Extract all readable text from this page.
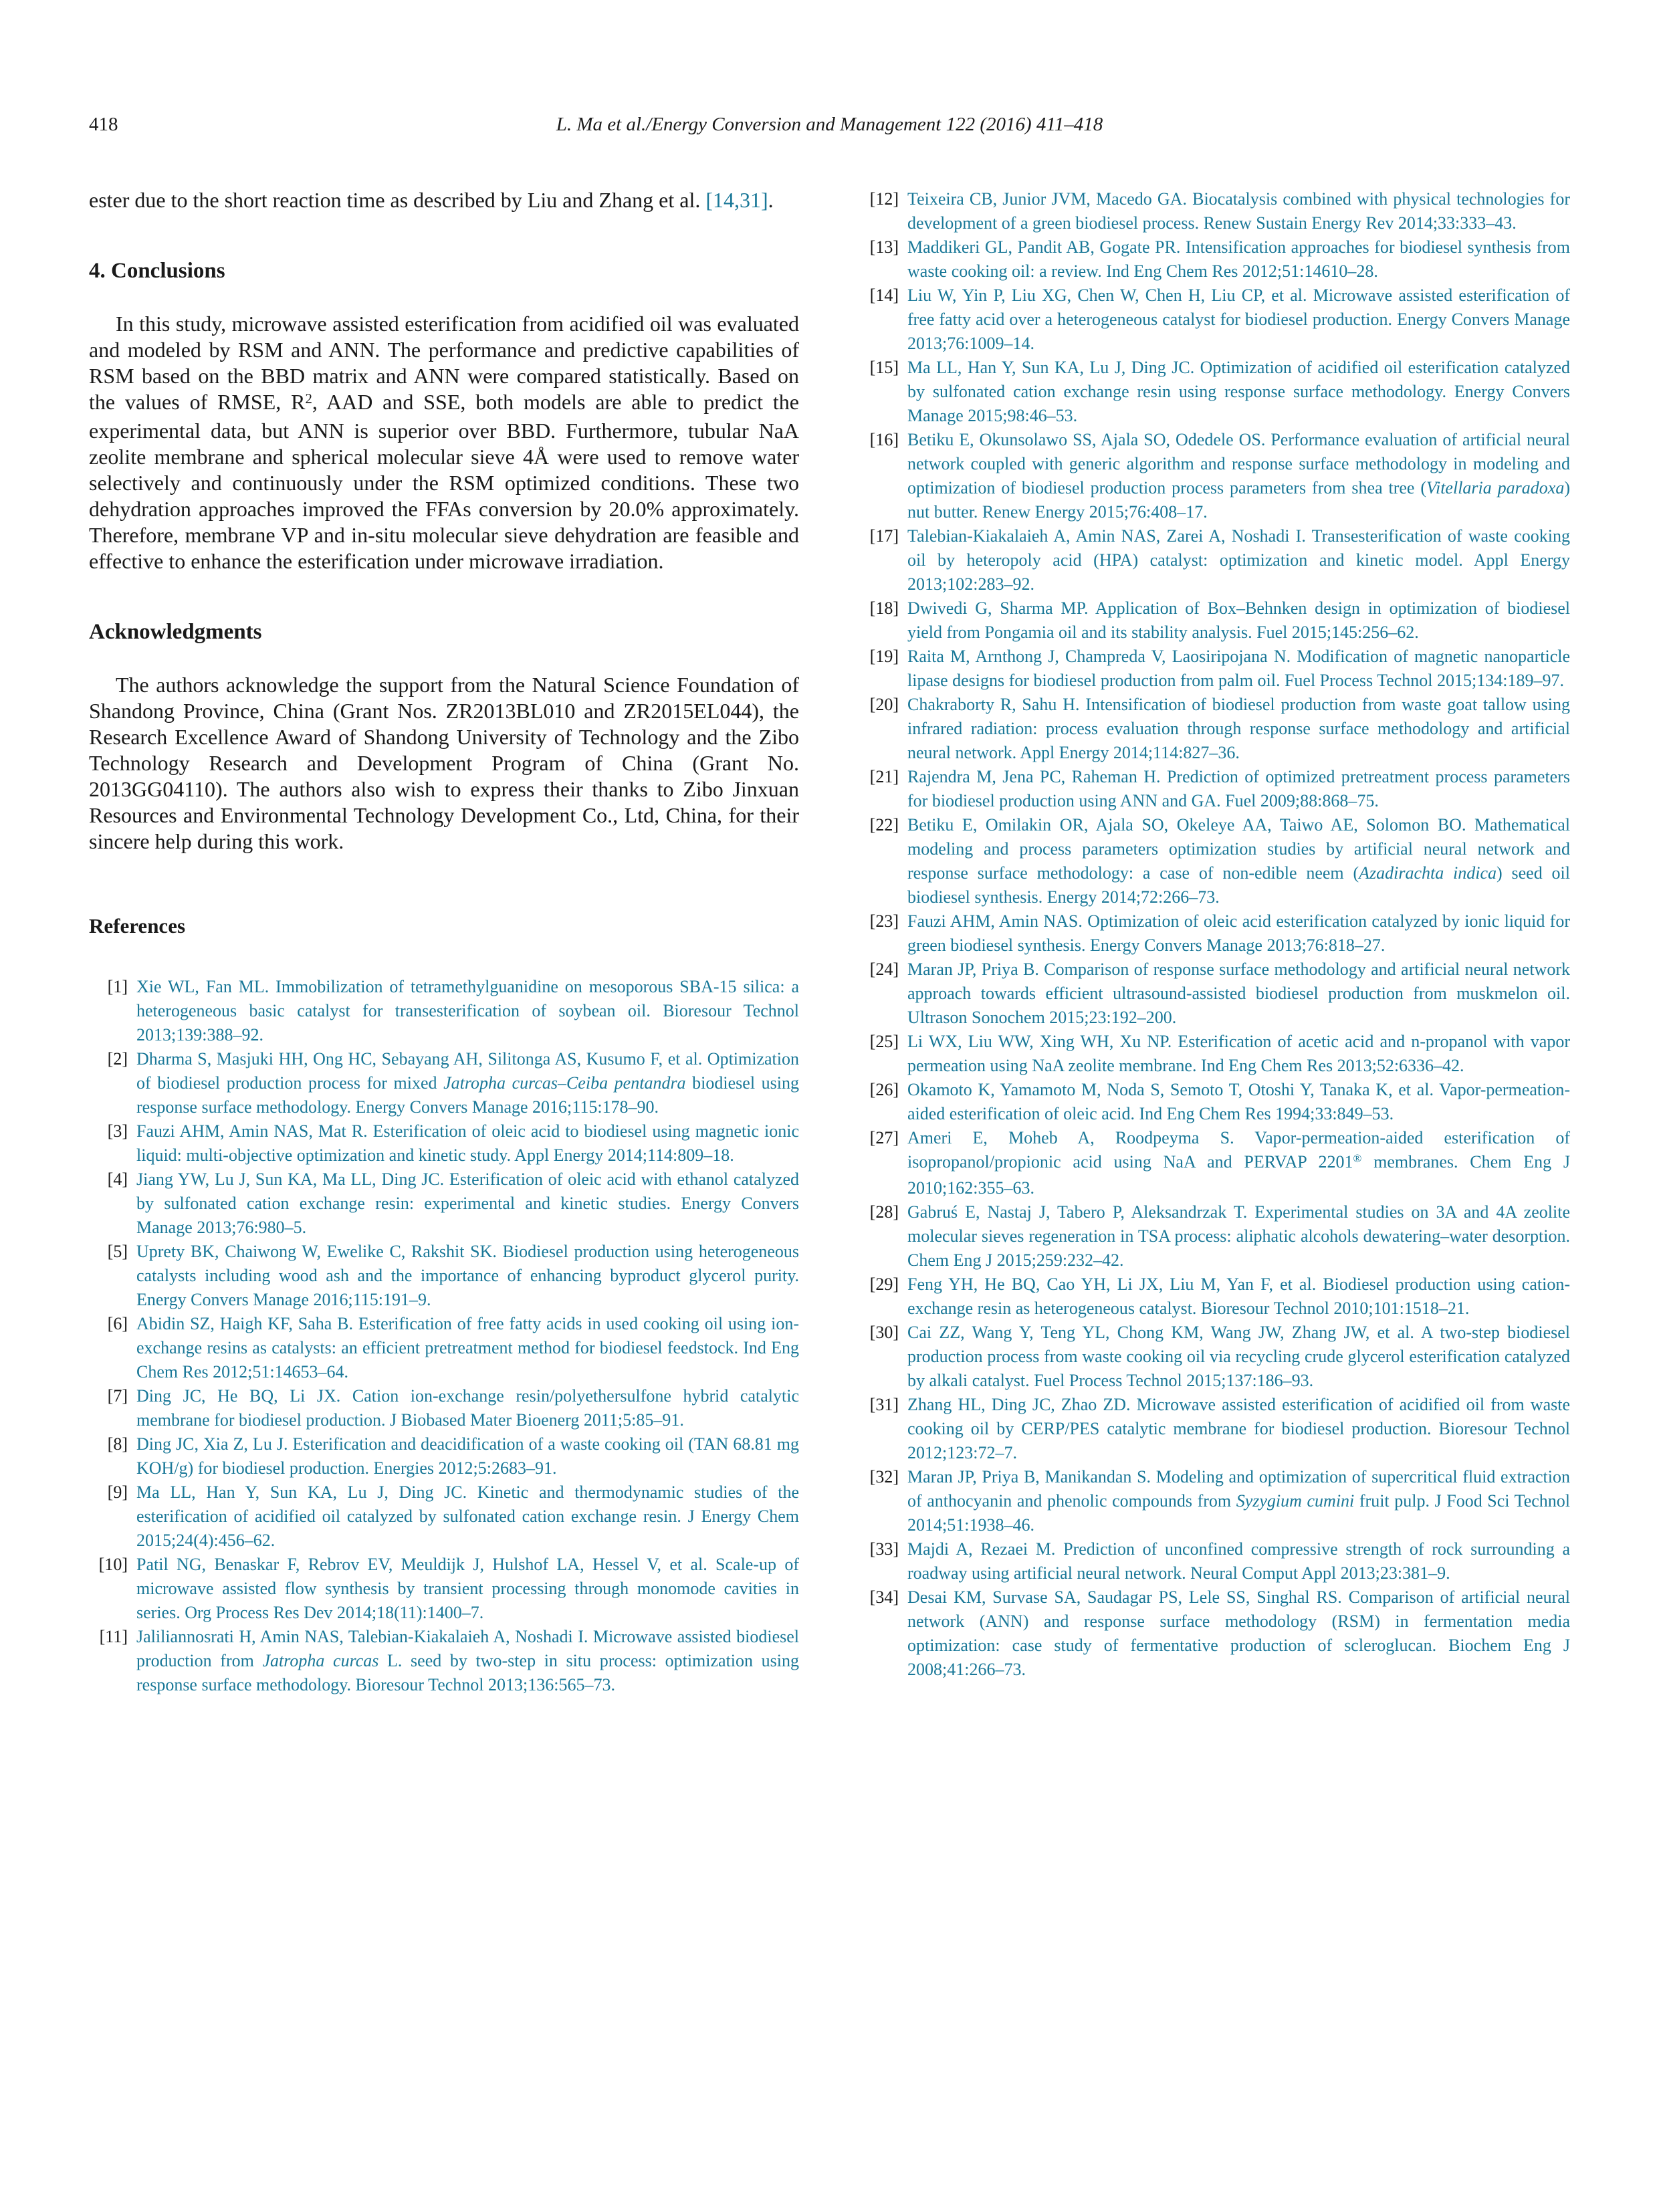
418	L. Ma et al./Energy Conversion and Management 122 (2016) 411–418

ester due to the short reaction time as described by Liu and Zhang et al. [14,31].

4. Conclusions

In this study, microwave assisted esterification from acidified oil was evaluated and modeled by RSM and ANN. The performance and predictive capabilities of RSM based on the BBD matrix and ANN were compared statistically. Based on the values of RMSE, $R^2$, AAD and SSE, both models are able to predict the experimental data, but ANN is superior over BBD. Furthermore, tubular NaA zeolite membrane and spherical molecular sieve 4Å were used to remove water selectively and continuously under the RSM optimized conditions. These two dehydration approaches improved the FFAs conversion by 20.0% approximately. Therefore, membrane VP and in-situ molecular sieve dehydration are feasible and effective to enhance the esterification under microwave irradiation.

Acknowledgments

The authors acknowledge the support from the Natural Science Foundation of Shandong Province, China (Grant Nos. ZR2013BL010 and ZR2015EL044), the Research Excellence Award of Shandong University of Technology and the Zibo Technology Research and Development Program of China (Grant No. 2013GG04110). The authors also wish to express their thanks to Zibo Jinxuan Resources and Environmental Technology Development Co., Ltd, China, for their sincere help during this work.

References
[1] Xie WL, Fan ML. Immobilization of tetramethylguanidine on mesoporous SBA-15 silica: a heterogeneous basic catalyst for transesterification of soybean oil. Bioresour Technol 2013;139:388–92.
[2] Dharma S, Masjuki HH, Ong HC, Sebayang AH, Silitonga AS, Kusumo F, et al. Optimization of biodiesel production process for mixed Jatropha curcas–Ceiba pentandra biodiesel using response surface methodology. Energy Convers Manage 2016;115:178–90.
[3] Fauzi AHM, Amin NAS, Mat R. Esterification of oleic acid to biodiesel using magnetic ionic liquid: multi-objective optimization and kinetic study. Appl Energy 2014;114:809–18.
[4] Jiang YW, Lu J, Sun KA, Ma LL, Ding JC. Esterification of oleic acid with ethanol catalyzed by sulfonated cation exchange resin: experimental and kinetic studies. Energy Convers Manage 2013;76:980–5.
[5] Uprety BK, Chaiwong W, Ewelike C, Rakshit SK. Biodiesel production using heterogeneous catalysts including wood ash and the importance of enhancing byproduct glycerol purity. Energy Convers Manage 2016;115:191–9.
[6] Abidin SZ, Haigh KF, Saha B. Esterification of free fatty acids in used cooking oil using ion-exchange resins as catalysts: an efficient pretreatment method for biodiesel feedstock. Ind Eng Chem Res 2012;51:14653–64.
[7] Ding JC, He BQ, Li JX. Cation ion-exchange resin/polyethersulfone hybrid catalytic membrane for biodiesel production. J Biobased Mater Bioenerg 2011;5:85–91.
[8] Ding JC, Xia Z, Lu J. Esterification and deacidification of a waste cooking oil (TAN 68.81 mg KOH/g) for biodiesel production. Energies 2012;5:2683–91.
[9] Ma LL, Han Y, Sun KA, Lu J, Ding JC. Kinetic and thermodynamic studies of the esterification of acidified oil catalyzed by sulfonated cation exchange resin. J Energy Chem 2015;24(4):456–62.
[10] Patil NG, Benaskar F, Rebrov EV, Meuldijk J, Hulshof LA, Hessel V, et al. Scale-up of microwave assisted flow synthesis by transient processing through monomode cavities in series. Org Process Res Dev 2014;18(11):1400–7.
[11] Jaliliannosrati H, Amin NAS, Talebian-Kiakalaieh A, Noshadi I. Microwave assisted biodiesel production from Jatropha curcas L. seed by two-step in situ process: optimization using response surface methodology. Bioresour Technol 2013;136:565–73.
[12] Teixeira CB, Junior JVM, Macedo GA. Biocatalysis combined with physical technologies for development of a green biodiesel process. Renew Sustain Energy Rev 2014;33:333–43.
[13] Maddikeri GL, Pandit AB, Gogate PR. Intensification approaches for biodiesel synthesis from waste cooking oil: a review. Ind Eng Chem Res 2012;51:14610–28.
[14] Liu W, Yin P, Liu XG, Chen W, Chen H, Liu CP, et al. Microwave assisted esterification of free fatty acid over a heterogeneous catalyst for biodiesel production. Energy Convers Manage 2013;76:1009–14.
[15] Ma LL, Han Y, Sun KA, Lu J, Ding JC. Optimization of acidified oil esterification catalyzed by sulfonated cation exchange resin using response surface methodology. Energy Convers Manage 2015;98:46–53.
[16] Betiku E, Okunsolawo SS, Ajala SO, Odedele OS. Performance evaluation of artificial neural network coupled with generic algorithm and response surface methodology in modeling and optimization of biodiesel production process parameters from shea tree (Vitellaria paradoxa) nut butter. Renew Energy 2015;76:408–17.
[17] Talebian-Kiakalaieh A, Amin NAS, Zarei A, Noshadi I. Transesterification of waste cooking oil by heteropoly acid (HPA) catalyst: optimization and kinetic model. Appl Energy 2013;102:283–92.
[18] Dwivedi G, Sharma MP. Application of Box–Behnken design in optimization of biodiesel yield from Pongamia oil and its stability analysis. Fuel 2015;145:256–62.
[19] Raita M, Arnthong J, Champreda V, Laosiripojana N. Modification of magnetic nanoparticle lipase designs for biodiesel production from palm oil. Fuel Process Technol 2015;134:189–97.
[20] Chakraborty R, Sahu H. Intensification of biodiesel production from waste goat tallow using infrared radiation: process evaluation through response surface methodology and artificial neural network. Appl Energy 2014;114:827–36.
[21] Rajendra M, Jena PC, Raheman H. Prediction of optimized pretreatment process parameters for biodiesel production using ANN and GA. Fuel 2009;88:868–75.
[22] Betiku E, Omilakin OR, Ajala SO, Okeleye AA, Taiwo AE, Solomon BO. Mathematical modeling and process parameters optimization studies by artificial neural network and response surface methodology: a case of non-edible neem (Azadirachta indica) seed oil biodiesel synthesis. Energy 2014;72:266–73.
[23] Fauzi AHM, Amin NAS. Optimization of oleic acid esterification catalyzed by ionic liquid for green biodiesel synthesis. Energy Convers Manage 2013;76:818–27.
[24] Maran JP, Priya B. Comparison of response surface methodology and artificial neural network approach towards efficient ultrasound-assisted biodiesel production from muskmelon oil. Ultrason Sonochem 2015;23:192–200.
[25] Li WX, Liu WW, Xing WH, Xu NP. Esterification of acetic acid and n-propanol with vapor permeation using NaA zeolite membrane. Ind Eng Chem Res 2013;52:6336–42.
[26] Okamoto K, Yamamoto M, Noda S, Semoto T, Otoshi Y, Tanaka K, et al. Vapor-permeation-aided esterification of oleic acid. Ind Eng Chem Res 1994;33:849–53.
[27] Ameri E, Moheb A, Roodpeyma S. Vapor-permeation-aided esterification of isopropanol/propionic acid using NaA and PERVAP 2201® membranes. Chem Eng J 2010;162:355–63.
[28] Gabruś E, Nastaj J, Tabero P, Aleksandrzak T. Experimental studies on 3A and 4A zeolite molecular sieves regeneration in TSA process: aliphatic alcohols dewatering–water desorption. Chem Eng J 2015;259:232–42.
[29] Feng YH, He BQ, Cao YH, Li JX, Liu M, Yan F, et al. Biodiesel production using cation-exchange resin as heterogeneous catalyst. Bioresour Technol 2010;101:1518–21.
[30] Cai ZZ, Wang Y, Teng YL, Chong KM, Wang JW, Zhang JW, et al. A two-step biodiesel production process from waste cooking oil via recycling crude glycerol esterification catalyzed by alkali catalyst. Fuel Process Technol 2015;137:186–93.
[31] Zhang HL, Ding JC, Zhao ZD. Microwave assisted esterification of acidified oil from waste cooking oil by CERP/PES catalytic membrane for biodiesel production. Bioresour Technol 2012;123:72–7.
[32] Maran JP, Priya B, Manikandan S. Modeling and optimization of supercritical fluid extraction of anthocyanin and phenolic compounds from Syzygium cumini fruit pulp. J Food Sci Technol 2014;51:1938–46.
[33] Majdi A, Rezaei M. Prediction of unconfined compressive strength of rock surrounding a roadway using artificial neural network. Neural Comput Appl 2013;23:381–9.
[34] Desai KM, Survase SA, Saudagar PS, Lele SS, Singhal RS. Comparison of artificial neural network (ANN) and response surface methodology (RSM) in fermentation media optimization: case study of fermentative production of scleroglucan. Biochem Eng J 2008;41:266–73.
